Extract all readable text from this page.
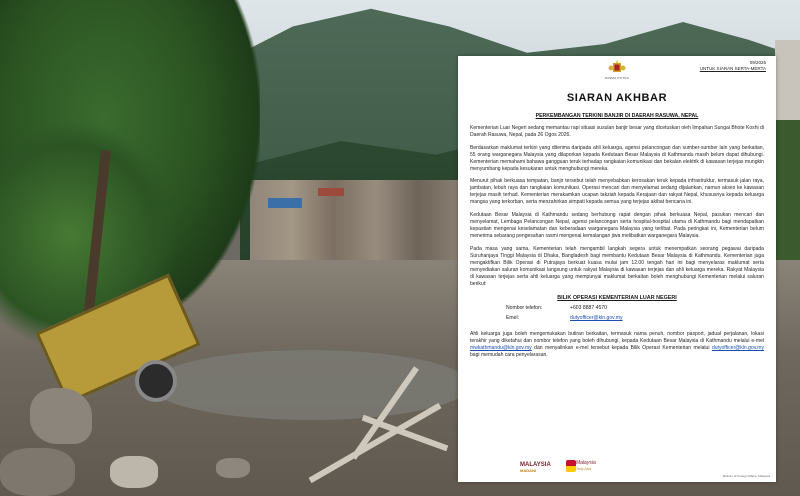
WISMA PUTRA
09/2026
UNTUK SIARAN SERTA-MERTA
SIARAN AKHBAR
PERKEMBANGAN TERKINI BANJIR DI DAERAH RASUWA, NEPAL

Kementerian Luar Negeri sedang memantau rapi situasi susulan banjir besar yang dicetuskan oleh limpahan Sungai Bhote Koshi di Daerah Rasuwa, Nepal, pada 26 Ogos 2026.

Berdasarkan maklumat terkini yang diterima daripada ahli keluarga, agensi pelancongan dan sumber-sumber lain yang berkaitan, 55 orang warganegara Malaysia yang dilaporkan kepada Kedutaan Besar Malaysia di Kathmandu masih belum dapat dihubungi. Kementerian memahami bahawa gangguan teruk terhadap rangkaian komunikasi dan bekalan elektrik di kawasan terjejas mungkin menyumbang kepada kesukaran untuk menghubungi mereka.

Menurut pihak berkuasa tempatan, banjir tersebut telah menyebabkan kerosakan teruk kepada infrastruktur, termasuk jalan raya, jambatan, lebuh raya dan rangkaian komunikasi. Operasi mencari dan menyelamat sedang dijalankan, namun akses ke kawasan terjejas masih terhad. Kementerian merakamkan ucapan takziah kepada Kerajaan dan rakyat Nepal, khususnya kepada keluarga mangsa yang terkorban, serta menzahirkan simpati kepada semua yang terjejas akibat bencana ini.

Kedutaan Besar Malaysia di Kathmandu sedang berhubung rapat dengan pihak berkuasa Nepal, pasukan mencari dan menyelamat, Lembaga Pelancongan Nepal, agensi pelancongan serta hospital-hospital utama di Kathmandu bagi mendapatkan kepastian mengenai keselamatan dan keberadaan warganegara Malaysia yang terlibat. Pada peringkat ini, Kementerian belum menerima sebarang pengesahan rasmi mengenai kemalangan jiwa melibatkan warganegara Malaysia.

Pada masa yang sama, Kementerian telah mengambil langkah segera untuk menempatkan seorang pegawai daripada Suruhanjaya Tinggi Malaysia di Dhaka, Bangladesh bagi membantu Kedutaan Besar Malaysia di Kathmandu. Kementerian juga mengaktifkan Bilik Operasi di Putrajaya berkuat kuasa mulai jam 12.00 tengah hari ini bagi menyelaras maklumat serta menyediakan saluran komunikasi langsung untuk rakyat Malaysia di kawasan terjejas dan ahli keluarga mereka. Rakyat Malaysia di kawasan terjejas serta ahli keluarga yang mempunyai maklumat berkaitan boleh menghubungi Kementerian melalui saluran berikut:

BILIK OPERASI KEMENTERIAN LUAR NEGERI
Nombor telefon:	+603 8887 4570
Emel:	dutyofficer@kln.gov.my

Ahli keluarga juga boleh mengemukakan butiran berkaitan, termasuk nama penuh, nombor pasport, jadual perjalanan, lokasi terakhir yang diketahui dan nombor telefon yang boleh dihubungi, kepada Kedutaan Besar Malaysia di Kathmandu melalui e-mel mwkathmandu@kln.gov.my dan menyalinkan e-mel tersebut kepada Bilik Operasi Kementerian melalui dutyofficer@kln.gov.my bagi memudah cara penyelarasan.

MALAYSIA
MADANI
Malaysia
Truly Asia
Ministry of Foreign Affairs, Malaysia
